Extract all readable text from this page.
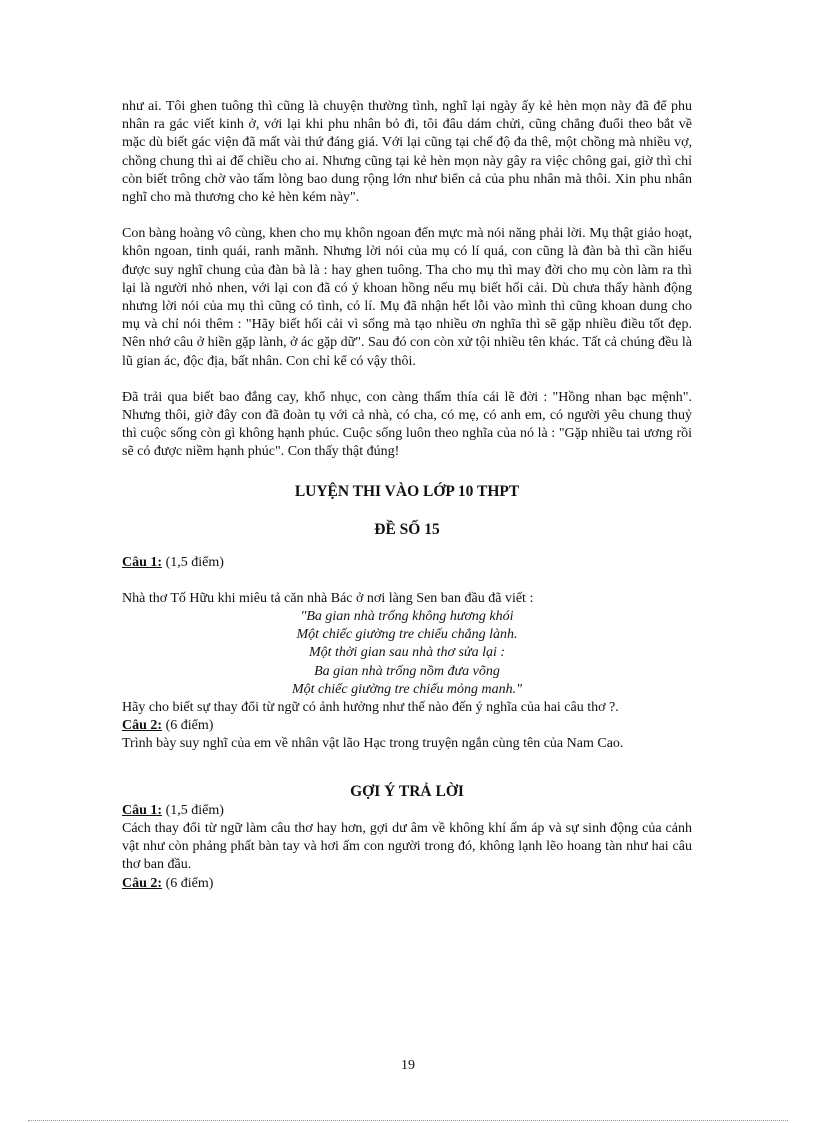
như ai. Tôi ghen tuông thì cũng là chuyện thường tình, nghĩ lại ngày ấy kẻ hèn mọn này đã để phu nhân ra gác viết kinh ở, với lại khi phu nhân bỏ đi, tôi đâu dám chửi, cũng chẳng đuổi theo bắt về mặc dù biết gác viện đã mất vài thứ đáng giá. Với lại cũng tại chế độ đa thê, một chồng mà nhiều vợ, chồng chung thì ai để chiều cho ai. Nhưng cũng tại kẻ hèn mọn này gây ra việc chông gai, giờ thì chỉ còn biết trông chờ vào tấm lòng bao dung rộng lớn như biển cả của phu nhân mà thôi. Xin phu nhân nghĩ cho mà thương cho kẻ hèn kém này".

Con bàng hoàng vô cùng, khen cho mụ khôn ngoan đến mực mà nói năng phải lời. Mụ thật giảo hoạt, khôn ngoan, tinh quái, ranh mãnh. Nhưng lời nói của mụ có lí quá, con cũng là đàn bà thì cần hiểu được suy nghĩ chung của đàn bà là : hay ghen tuông. Tha cho mụ thì may đời cho mụ còn làm ra thì lại là người nhỏ nhen, với lại con đã có ý khoan hồng nếu mụ biết hối cải. Dù chưa thấy hành động nhưng lời nói của mụ thì cũng có tình, có lí. Mụ đã nhận hết lỗi vào mình thì cũng khoan dung cho mụ và chỉ nói thêm : "Hãy biết hối cải vì sống mà tạo nhiều ơn nghĩa thì sẽ gặp nhiều điều tốt đẹp. Nên nhớ câu ở hiền gặp lành, ở ác gặp dữ". Sau đó con còn xử tội nhiều tên khác. Tất cả chúng đều là lũ gian ác, độc địa, bất nhân. Con chỉ kể có vậy thôi.

Đã trải qua biết bao đắng cay, khổ nhục, con càng thấm thía cái lẽ đời : "Hồng nhan bạc mệnh". Nhưng thôi, giờ đây con đã đoàn tụ với cả nhà, có cha, có mẹ, có anh em, có người yêu chung thuỷ thì cuộc sống còn gì không hạnh phúc. Cuộc sống luôn theo nghĩa của nó là : "Gặp nhiều tai ương rồi sẽ có được niềm hạnh phúc". Con thấy thật đúng!

LUYỆN THI VÀO LỚP 10 THPT
ĐỀ SỐ 15

Câu 1: (1,5 điểm)

Nhà thơ Tố Hữu khi miêu tả căn nhà Bác ở nơi làng Sen ban đầu đã viết :

"Ba gian nhà trống không hương khói

Một chiếc giường tre chiếu chẳng lành.

Một thời gian sau nhà thơ sửa lại :

Ba gian nhà trống nồm đưa võng

Một chiếc giường tre chiếu mỏng manh."

Hãy cho biết sự thay đổi từ ngữ có ảnh hưởng như thế nào đến ý nghĩa của hai câu thơ ?.

Câu 2: (6 điểm)

Trình bày suy nghĩ của em về nhân vật lão Hạc trong truyện ngắn cùng tên của Nam Cao.

GỢI Ý TRẢ LỜI

Câu 1: (1,5 điểm)

Cách thay đổi từ ngữ làm câu thơ hay hơn, gợi dư âm về không khí ấm áp và sự sinh động của cảnh vật như còn phảng phất bàn tay và hơi ấm con người trong đó, không lạnh lẽo hoang tàn như hai câu thơ ban đầu.

Câu 2: (6 điểm)

19
